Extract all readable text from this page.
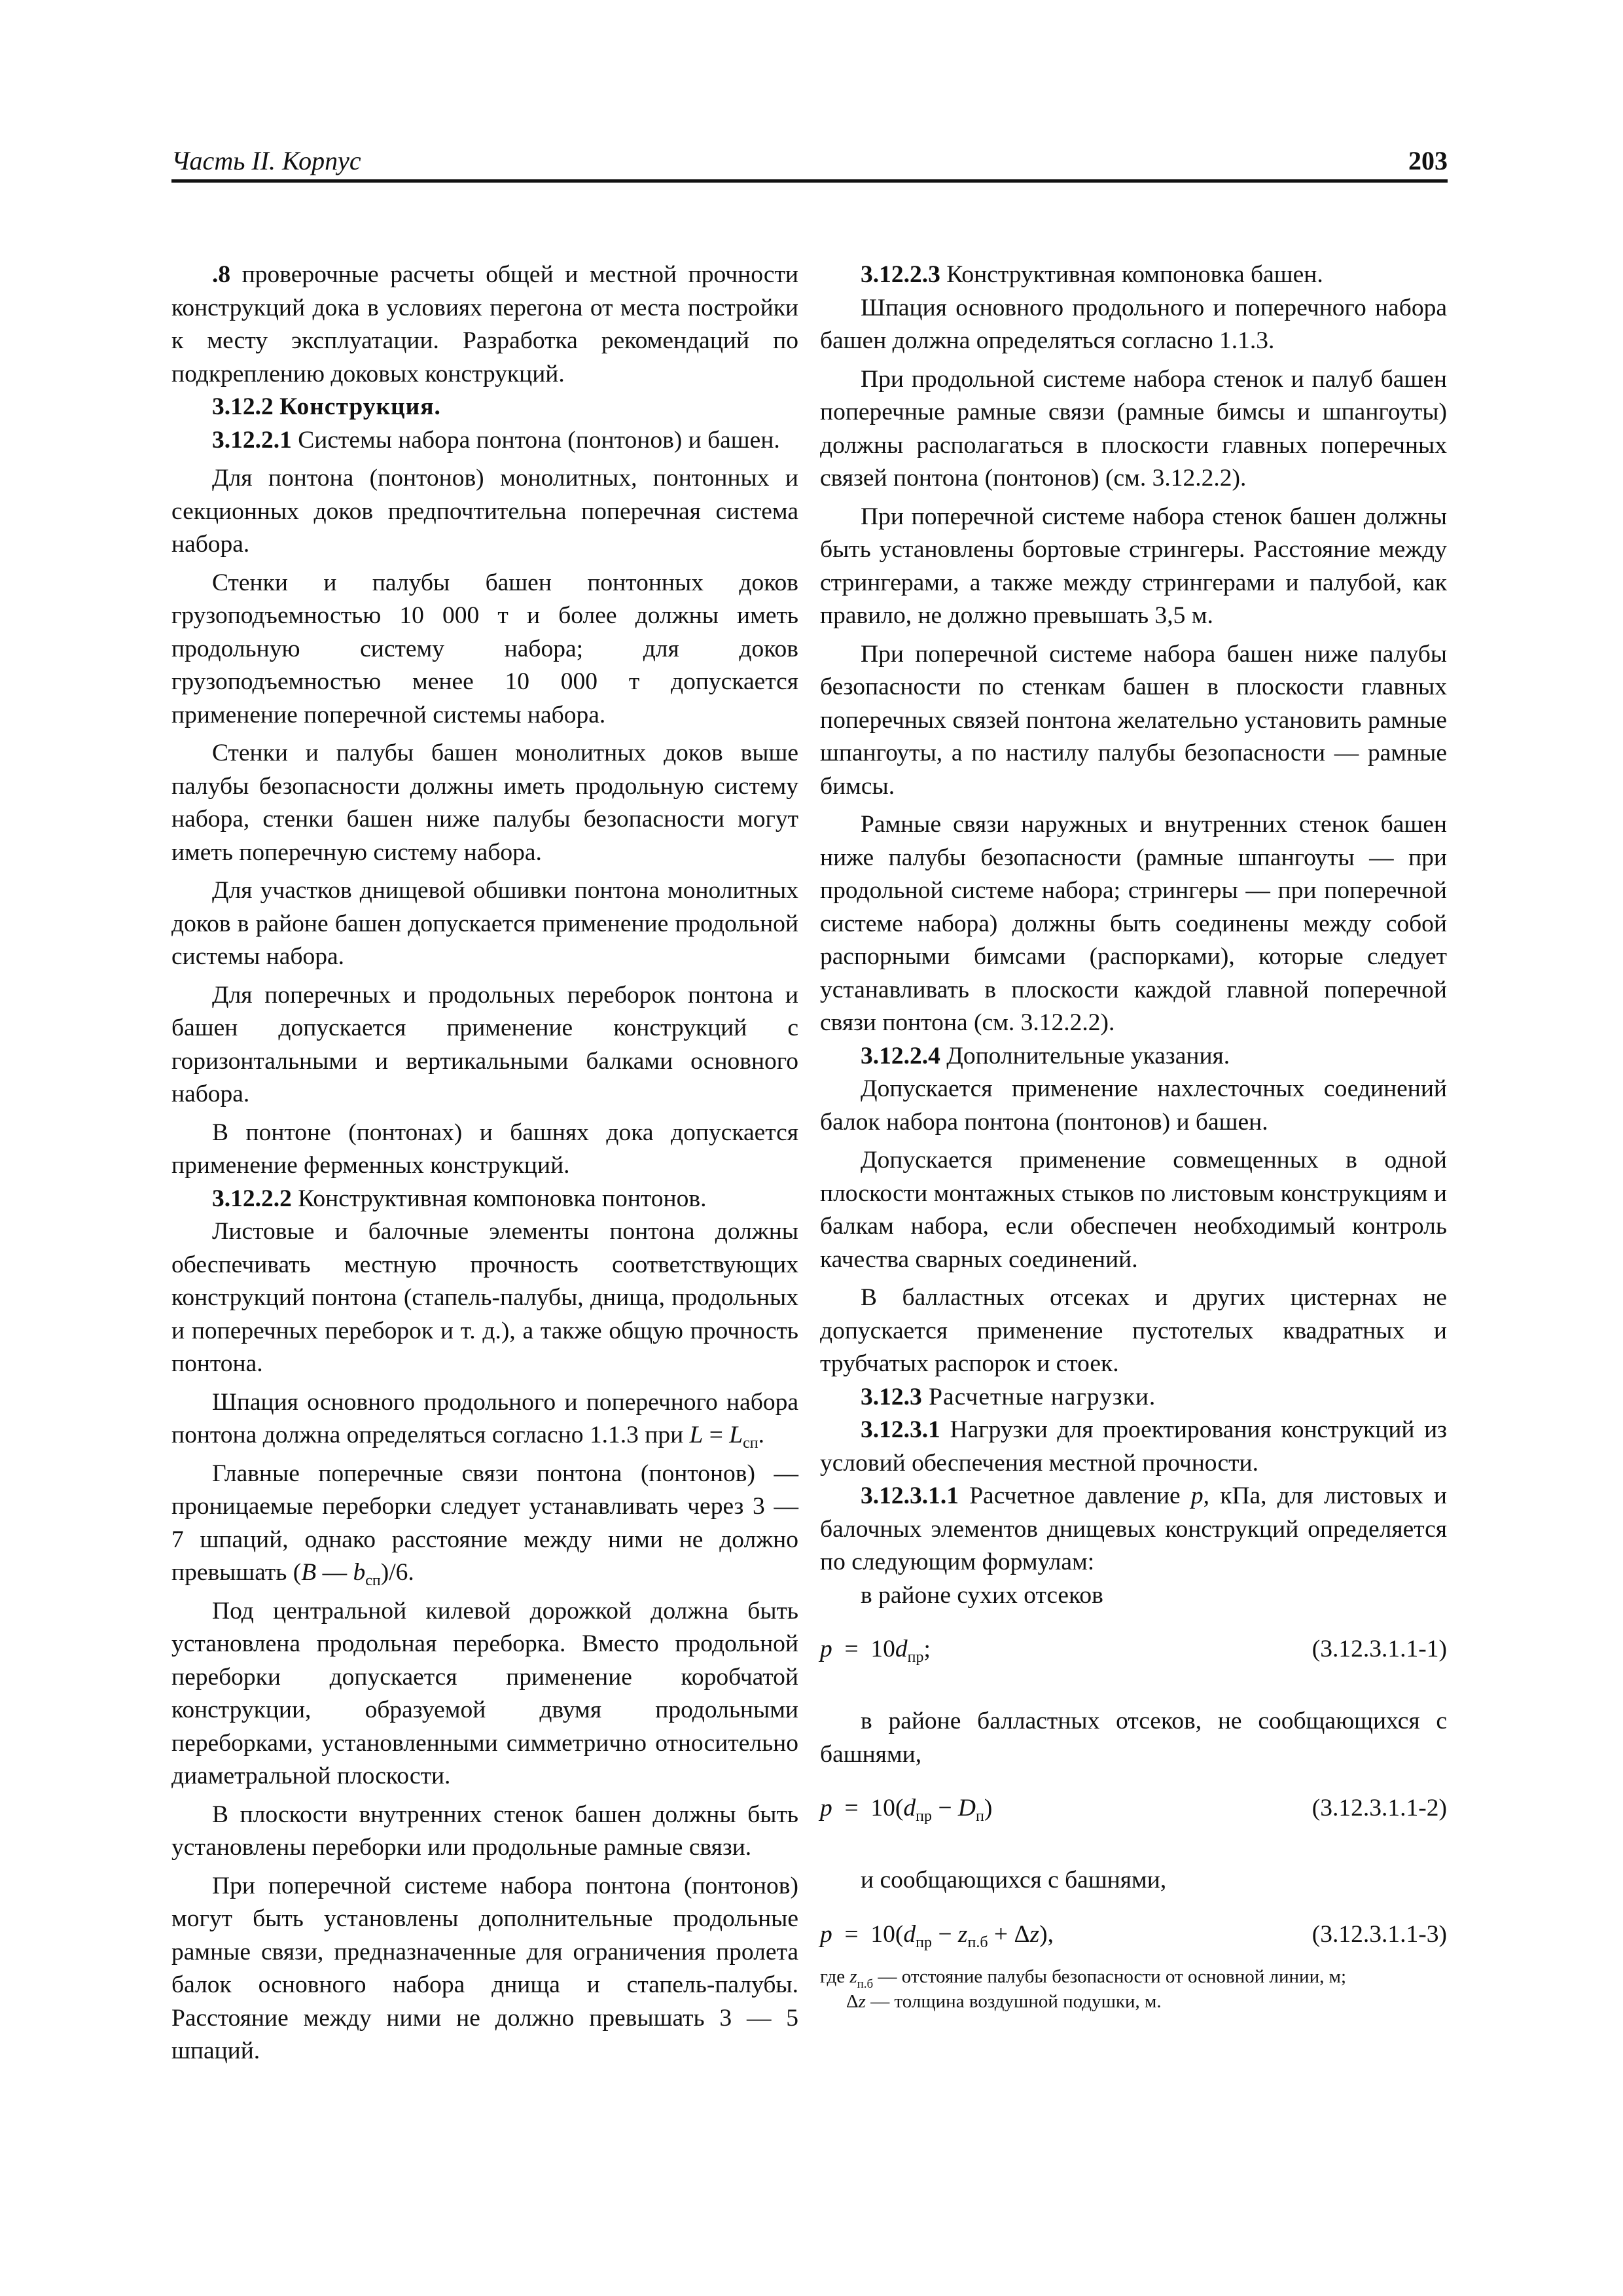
Часть II. Корпус	203

.8 проверочные расчеты общей и местной прочности конструкций дока в условиях перегона от места постройки к месту эксплуатации. Разработка рекомендаций по подкреплению доковых конструкций.

3.12.2 Конструкция.

3.12.2.1 Системы набора понтона (понтонов) и башен.

Для понтона (понтонов) монолитных, понтонных и секционных доков предпочтительна поперечная система набора.

Стенки и палубы башен понтонных доков грузоподъемностью 10 000 т и более должны иметь продольную систему набора; для доков грузоподъемностью менее 10 000 т допускается применение поперечной системы набора.

Стенки и палубы башен монолитных доков выше палубы безопасности должны иметь продольную систему набора, стенки башен ниже палубы безопасности могут иметь поперечную систему набора.

Для участков днищевой обшивки понтона монолитных доков в районе башен допускается применение продольной системы набора.

Для поперечных и продольных переборок понтона и башен допускается применение конструкций с горизонтальными и вертикальными балками основного набора.

В понтоне (понтонах) и башнях дока допускается применение ферменных конструкций.

3.12.2.2 Конструктивная компоновка понтонов.

Листовые и балочные элементы понтона должны обеспечивать местную прочность соответствующих конструкций понтона (стапель-палубы, днища, продольных и поперечных переборок и т. д.), а также общую прочность понтона.

Шпация основного продольного и поперечного набора понтона должна определяться согласно 1.1.3 при $L = L_{сп}$.

Главные поперечные связи понтона (понтонов) — проницаемые переборки следует устанавливать через 3 — 7 шпаций, однако расстояние между ними не должно превышать (B — $b_{сп})/6$.

Под центральной килевой дорожкой должна быть установлена продольная переборка. Вместо продольной переборки допускается применение коробчатой конструкции, образуемой двумя продольными переборками, установленными симметрично относительно диаметральной плоскости.

В плоскости внутренних стенок башен должны быть установлены переборки или продольные рамные связи.

При поперечной системе набора понтона (понтонов) могут быть установлены дополнительные продольные рамные связи, предназначенные для ограничения пролета балок основного набора днища и стапель-палубы. Расстояние между ними не должно превышать 3 — 5 шпаций.

3.12.2.3 Конструктивная компоновка башен.

Шпация основного продольного и поперечного набора башен должна определяться согласно 1.1.3.

При продольной системе набора стенок и палуб башен поперечные рамные связи (рамные бимсы и шпангоуты) должны располагаться в плоскости главных поперечных связей понтона (понтонов) (см. 3.12.2.2).

При поперечной системе набора стенок башен должны быть установлены бортовые стрингеры. Расстояние между стрингерами, а также между стрингерами и палубой, как правило, не должно превышать 3,5 м.

При поперечной системе набора башен ниже палубы безопасности по стенкам башен в плоскости главных поперечных связей понтона желательно установить рамные шпангоуты, а по настилу палубы безопасности — рамные бимсы.

Рамные связи наружных и внутренних стенок башен ниже палубы безопасности (рамные шпангоуты — при продольной системе набора; стрингеры — при поперечной системе набора) должны быть соединены между собой распорными бимсами (распорками), которые следует устанавливать в плоскости каждой главной поперечной связи понтона (см. 3.12.2.2).

3.12.2.4 Дополнительные указания.

Допускается применение нахлесточных соединений балок набора понтона (понтонов) и башен.

Допускается применение совмещенных в одной плоскости монтажных стыков по листовым конструкциям и балкам набора, если обеспечен необходимый контроль качества сварных соединений.

В балластных отсеках и других цистернах не допускается применение пустотелых квадратных и трубчатых распорок и стоек.

3.12.3 Расчетные нагрузки.

3.12.3.1 Нагрузки для проектирования конструкций из условий обеспечения местной прочности.

3.12.3.1.1 Расчетное давление p, кПа, для листовых и балочных элементов днищевых конструкций определяется по следующим формулам:

в районе сухих отсеков

$p = 10d_{пр}$;	(3.12.3.1.1-1)

в районе балластных отсеков, не сообщающихся с башнями,

$p = 10(d_{пр} - D_п)$	(3.12.3.1.1-2)

и сообщающихся с башнями,

$p = 10(d_{пр} - z_{п.б} + \Delta z)$,	(3.12.3.1.1-3)
где $z_{п.б}$ — отстояние палубы безопасности от основной линии, м;
Δz — толщина воздушной подушки, м.
